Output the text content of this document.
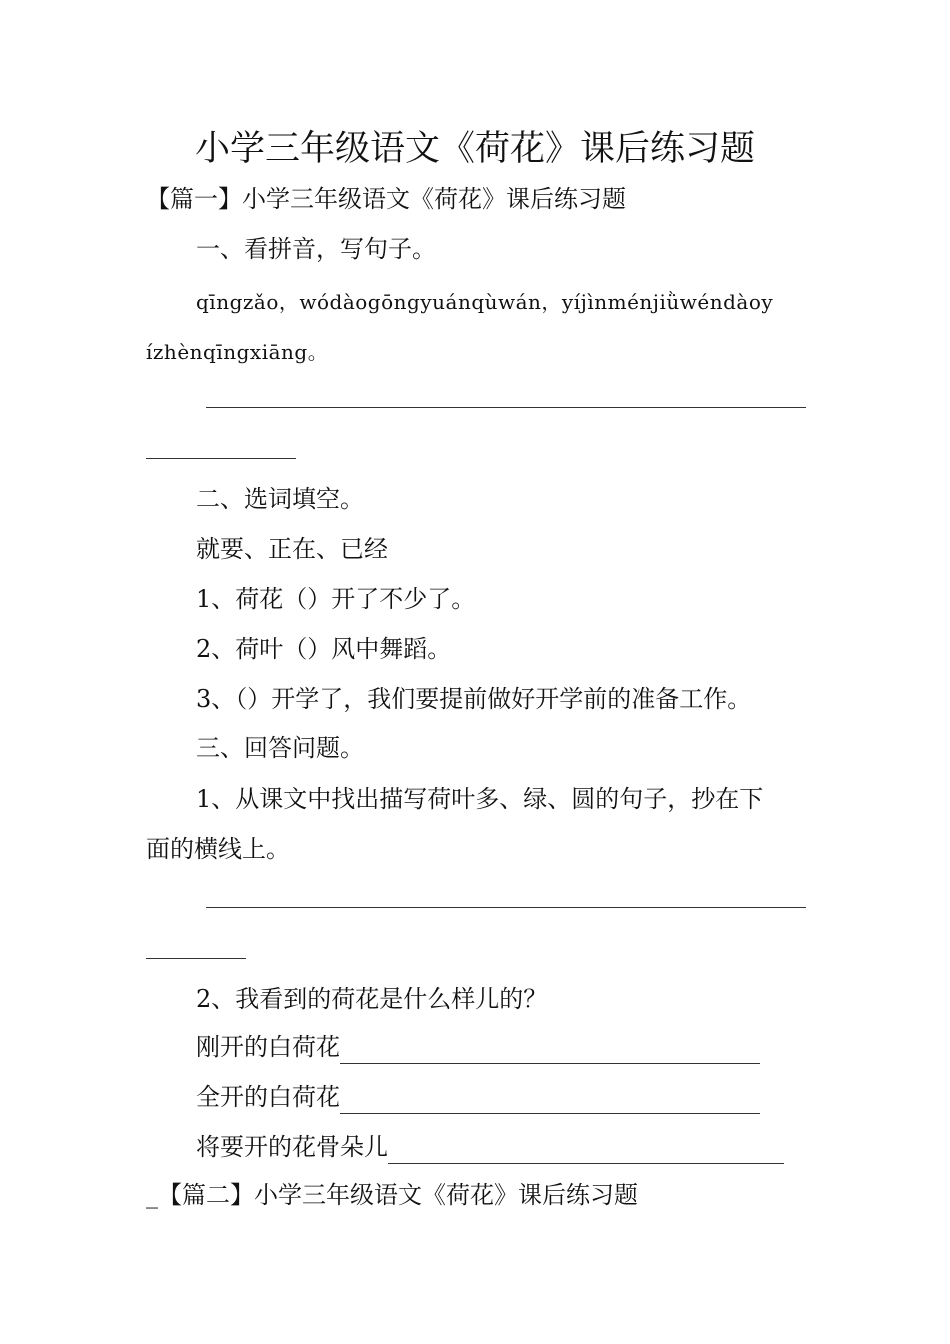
小学三年级语文《荷花》课后练习题
【篇一】小学三年级语文《荷花》课后练习题
一、看拼音，写句子。
qīngzǎo，wódàogōngyuánqùwán，yíjìnménjiǜwéndàoy
ízhènqīngxiāng。
二、选词填空。
就要、正在、已经
1、荷花（）开了不少了。
2、荷叶（）风中舞蹈。
3、（）开学了，我们要提前做好开学前的准备工作。
三、回答问题。
1、从课文中找出描写荷叶多、绿、圆的句子，抄在下
面的横线上。
2、我看到的荷花是什么样儿的？
刚开的白荷花
全开的白荷花
将要开的花骨朵儿
_【篇二】小学三年级语文《荷花》课后练习题
